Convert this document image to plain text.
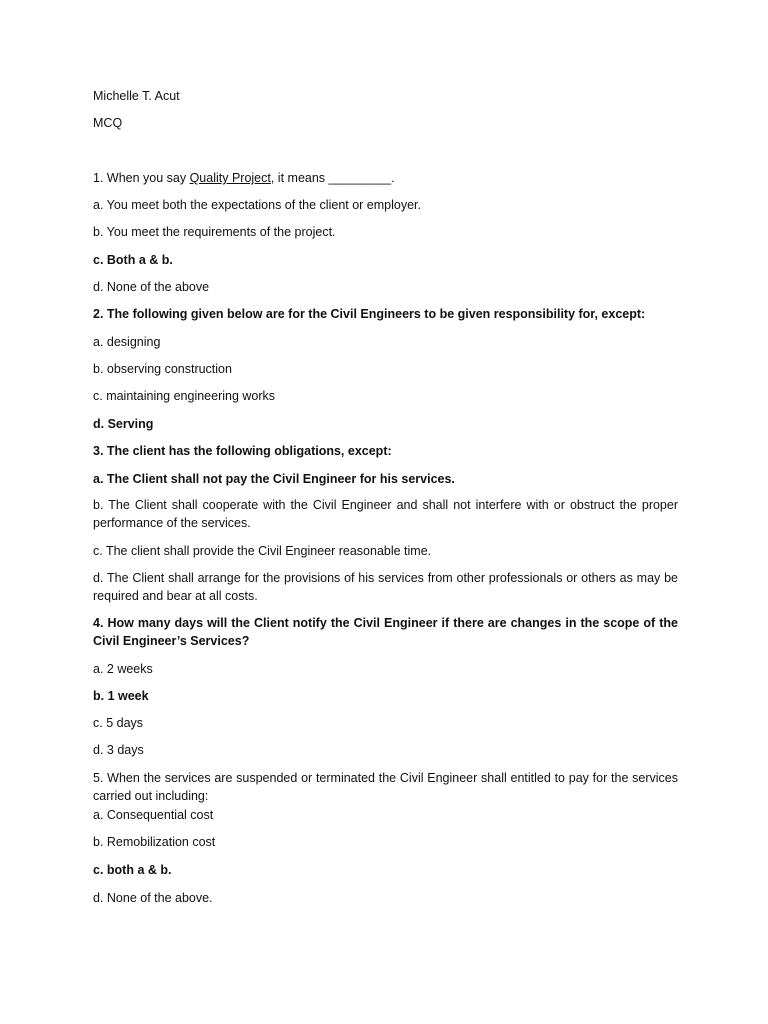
Michelle T. Acut
MCQ
1. When you say Quality Project, it means _________.
a. You meet both the expectations of the client or employer.
b. You meet the requirements of the project.
c. Both a & b.
d. None of the above
2. The following given below are for the Civil Engineers to be given responsibility for, except:
a. designing
b. observing construction
c. maintaining engineering works
d. Serving
3. The client has the following obligations, except:
a. The Client shall not pay the Civil Engineer for his services.
b. The Client shall cooperate with the Civil Engineer and shall not interfere with or obstruct the proper performance of the services.
c. The client shall provide the Civil Engineer reasonable time.
d. The Client shall arrange for the provisions of his services from other professionals or others as may be required and bear at all costs.
4. How many days will the Client notify the Civil Engineer if there are changes in the scope of the Civil Engineer’s Services?
a. 2 weeks
b. 1 week
c. 5 days
d. 3 days
5. When the services are suspended or terminated the Civil Engineer shall entitled to pay for the services carried out including:
a. Consequential cost
b. Remobilization cost
c. both a & b.
d. None of the above.
